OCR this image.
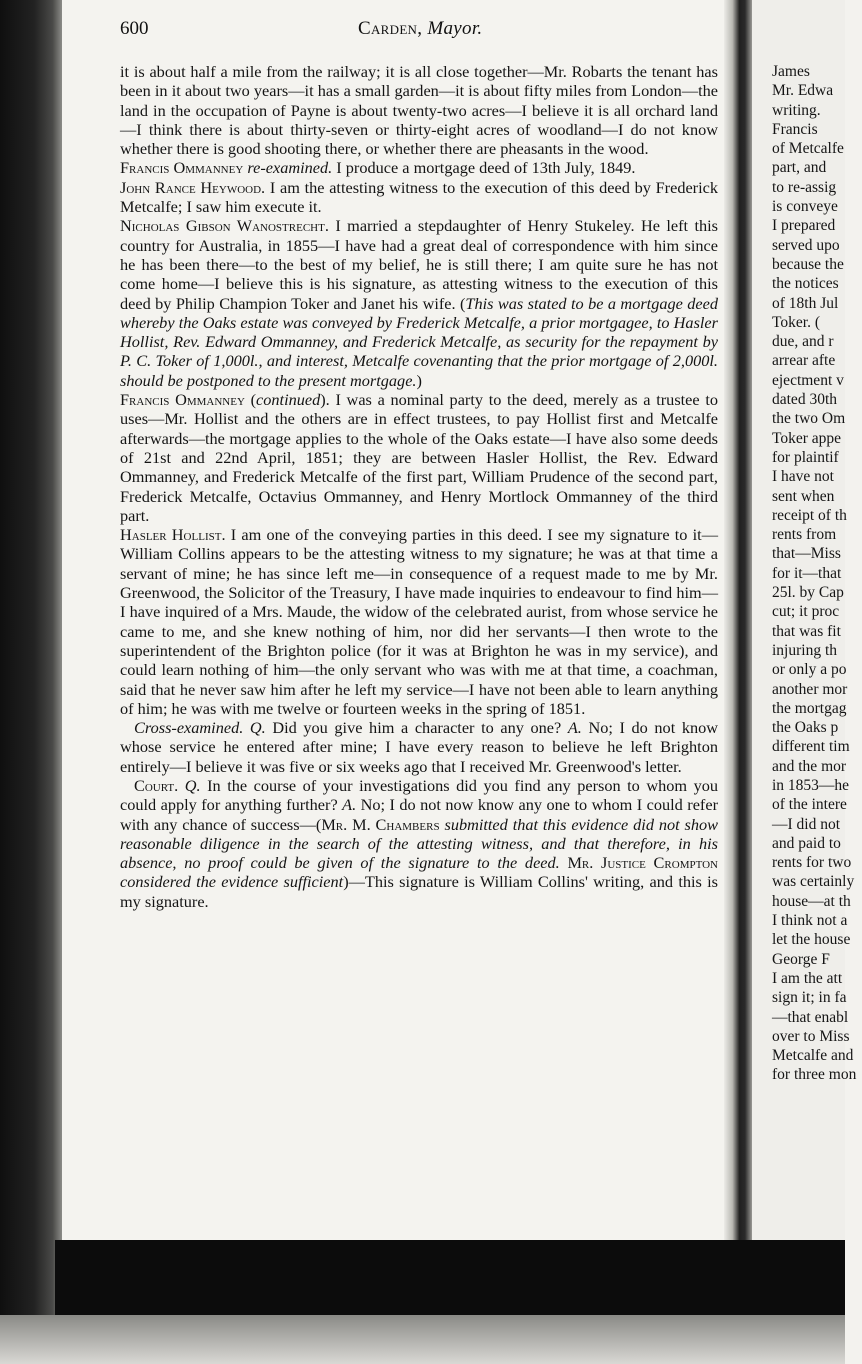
600	Carden, Mayor.

it is about half a mile from the railway; it is all close together—Mr. Robarts the tenant has been in it about two years—it has a small garden—it is about fifty miles from London—the land in the occupation of Payne is about twenty-two acres—I believe it is all orchard land—I think there is about thirty-seven or thirty-eight acres of woodland—I do not know whether there is good shooting there, or whether there are pheasants in the wood.

Francis Ommanney re-examined. I produce a mortgage deed of 13th July, 1849.

John Rance Heywood. I am the attesting witness to the execution of this deed by Frederick Metcalfe; I saw him execute it.

Nicholas Gibson Wanostrecht. I married a stepdaughter of Henry Stukeley. He left this country for Australia, in 1855—I have had a great deal of correspondence with him since he has been there—to the best of my belief, he is still there; I am quite sure he has not come home—I believe this is his signature, as attesting witness to the execution of this deed by Philip Champion Toker and Janet his wife. (This was stated to be a mortgage deed whereby the Oaks estate was conveyed by Frederick Metcalfe, a prior mortgagee, to Hasler Hollist, Rev. Edward Ommanney, and Frederick Metcalfe, as security for the repayment by P. C. Toker of 1,000l., and interest, Metcalfe covenanting that the prior mortgage of 2,000l. should be postponed to the present mortgage.)

Francis Ommanney (continued). I was a nominal party to the deed, merely as a trustee to uses—Mr. Hollist and the others are in effect trustees, to pay Hollist first and Metcalfe afterwards—the mortgage applies to the whole of the Oaks estate—I have also some deeds of 21st and 22nd April, 1851; they are between Hasler Hollist, the Rev. Edward Ommanney, and Frederick Metcalfe of the first part, William Prudence of the second part, Frederick Metcalfe, Octavius Ommanney, and Henry Mortlock Ommanney of the third part.

Hasler Hollist. I am one of the conveying parties in this deed. I see my signature to it—William Collins appears to be the attesting witness to my signature; he was at that time a servant of mine; he has since left me—in consequence of a request made to me by Mr. Greenwood, the Solicitor of the Treasury, I have made inquiries to endeavour to find him—I have inquired of a Mrs. Maude, the widow of the celebrated aurist, from whose service he came to me, and she knew nothing of him, nor did her servants—I then wrote to the superintendent of the Brighton police (for it was at Brighton he was in my service), and could learn nothing of him—the only servant who was with me at that time, a coachman, said that he never saw him after he left my service—I have not been able to learn anything of him; he was with me twelve or fourteen weeks in the spring of 1851.

Cross-examined. Q. Did you give him a character to any one? A. No; I do not know whose service he entered after mine; I have every reason to believe he left Brighton entirely—I believe it was five or six weeks ago that I received Mr. Greenwood's letter.

Court. Q. In the course of your investigations did you find any person to whom you could apply for anything further? A. No; I do not now know any one to whom I could refer with any chance of success—(Mr. M. Chambers submitted that this evidence did not show reasonable diligence in the search of the attesting witness, and that therefore, in his absence, no proof could be given of the signature to the deed. Mr. Justice Crompton considered the evidence sufficient)—This signature is William Collins' writing, and this is my signature.

James
Mr. Edwa
writing.
Francis
of Metcalfe
part, and
to re-assig
is conveye
I prepared
served upo
because the
the notices
of 18th Jul
Toker. (
due, and r
arrear afte
ejectment v
dated 30th
the two Om
Toker appe
for plaintif
I have not
sent when
receipt of th
rents from
that—Miss
for it—that
25l. by Cap
cut; it proc
that was fit
injuring th
or only a po
another mor
the mortgag
the Oaks p
different tim
and the mor
in 1853—he
of the intere
—I did not
and paid to
rents for two
was certainly
house—at th
I think not a
let the house
George F
I am the att
sign it; in fa
—that enabl
over to Miss
Metcalfe and
for three mon
